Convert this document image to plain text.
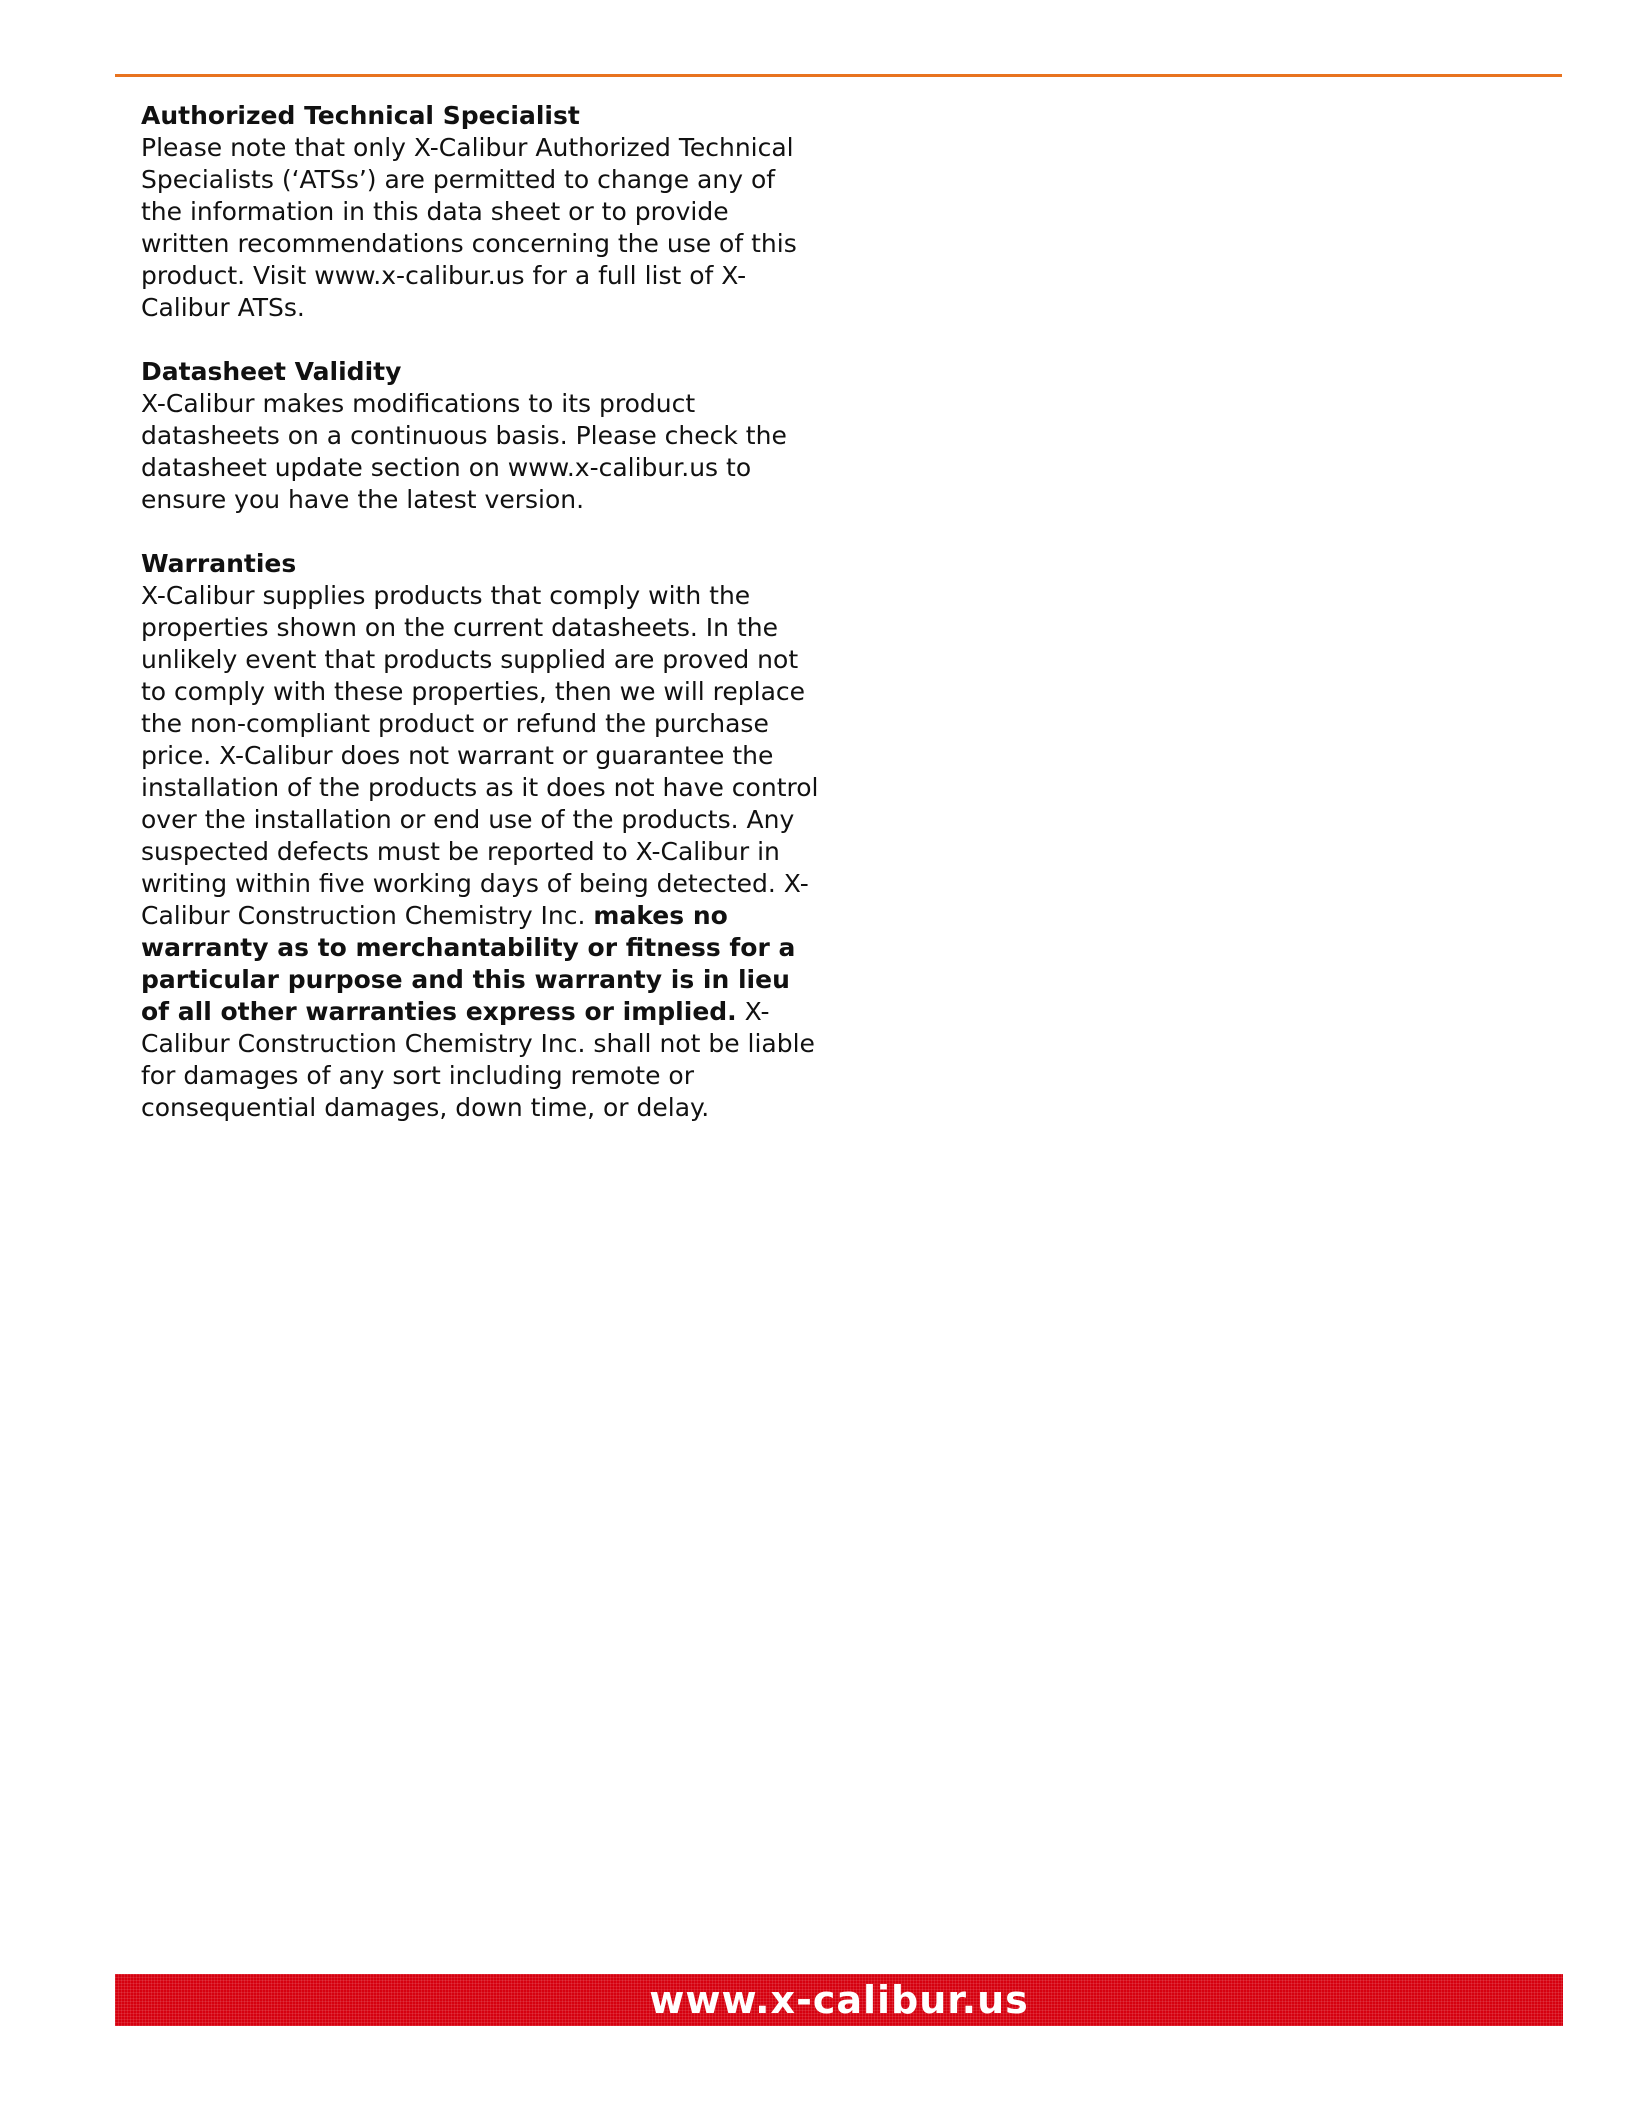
Authorized Technical Specialist

Please note that only X-Calibur Authorized Technical Specialists (‘ATSs’) are permitted to change any of the information in this data sheet or to provide written recommendations concerning the use of this product. Visit www.x-calibur.us for a full list of X-Calibur ATSs.

Datasheet Validity

X-Calibur makes modifications to its product datasheets on a continuous basis. Please check the datasheet update section on www.x-calibur.us to ensure you have the latest version.

Warranties

X-Calibur supplies products that comply with the properties shown on the current datasheets. In the unlikely event that products supplied are proved not to comply with these properties, then we will replace the non-compliant product or refund the purchase price. X-Calibur does not warrant or guarantee the installation of the products as it does not have control over the installation or end use of the products. Any suspected defects must be reported to X-Calibur in writing within five working days of being detected. X-Calibur Construction Chemistry Inc. makes no warranty as to merchantability or fitness for a particular purpose and this warranty is in lieu of all other warranties express or implied. X-Calibur Construction Chemistry Inc. shall not be liable for damages of any sort including remote or consequential damages, down time, or delay.

www.x-calibur.us
